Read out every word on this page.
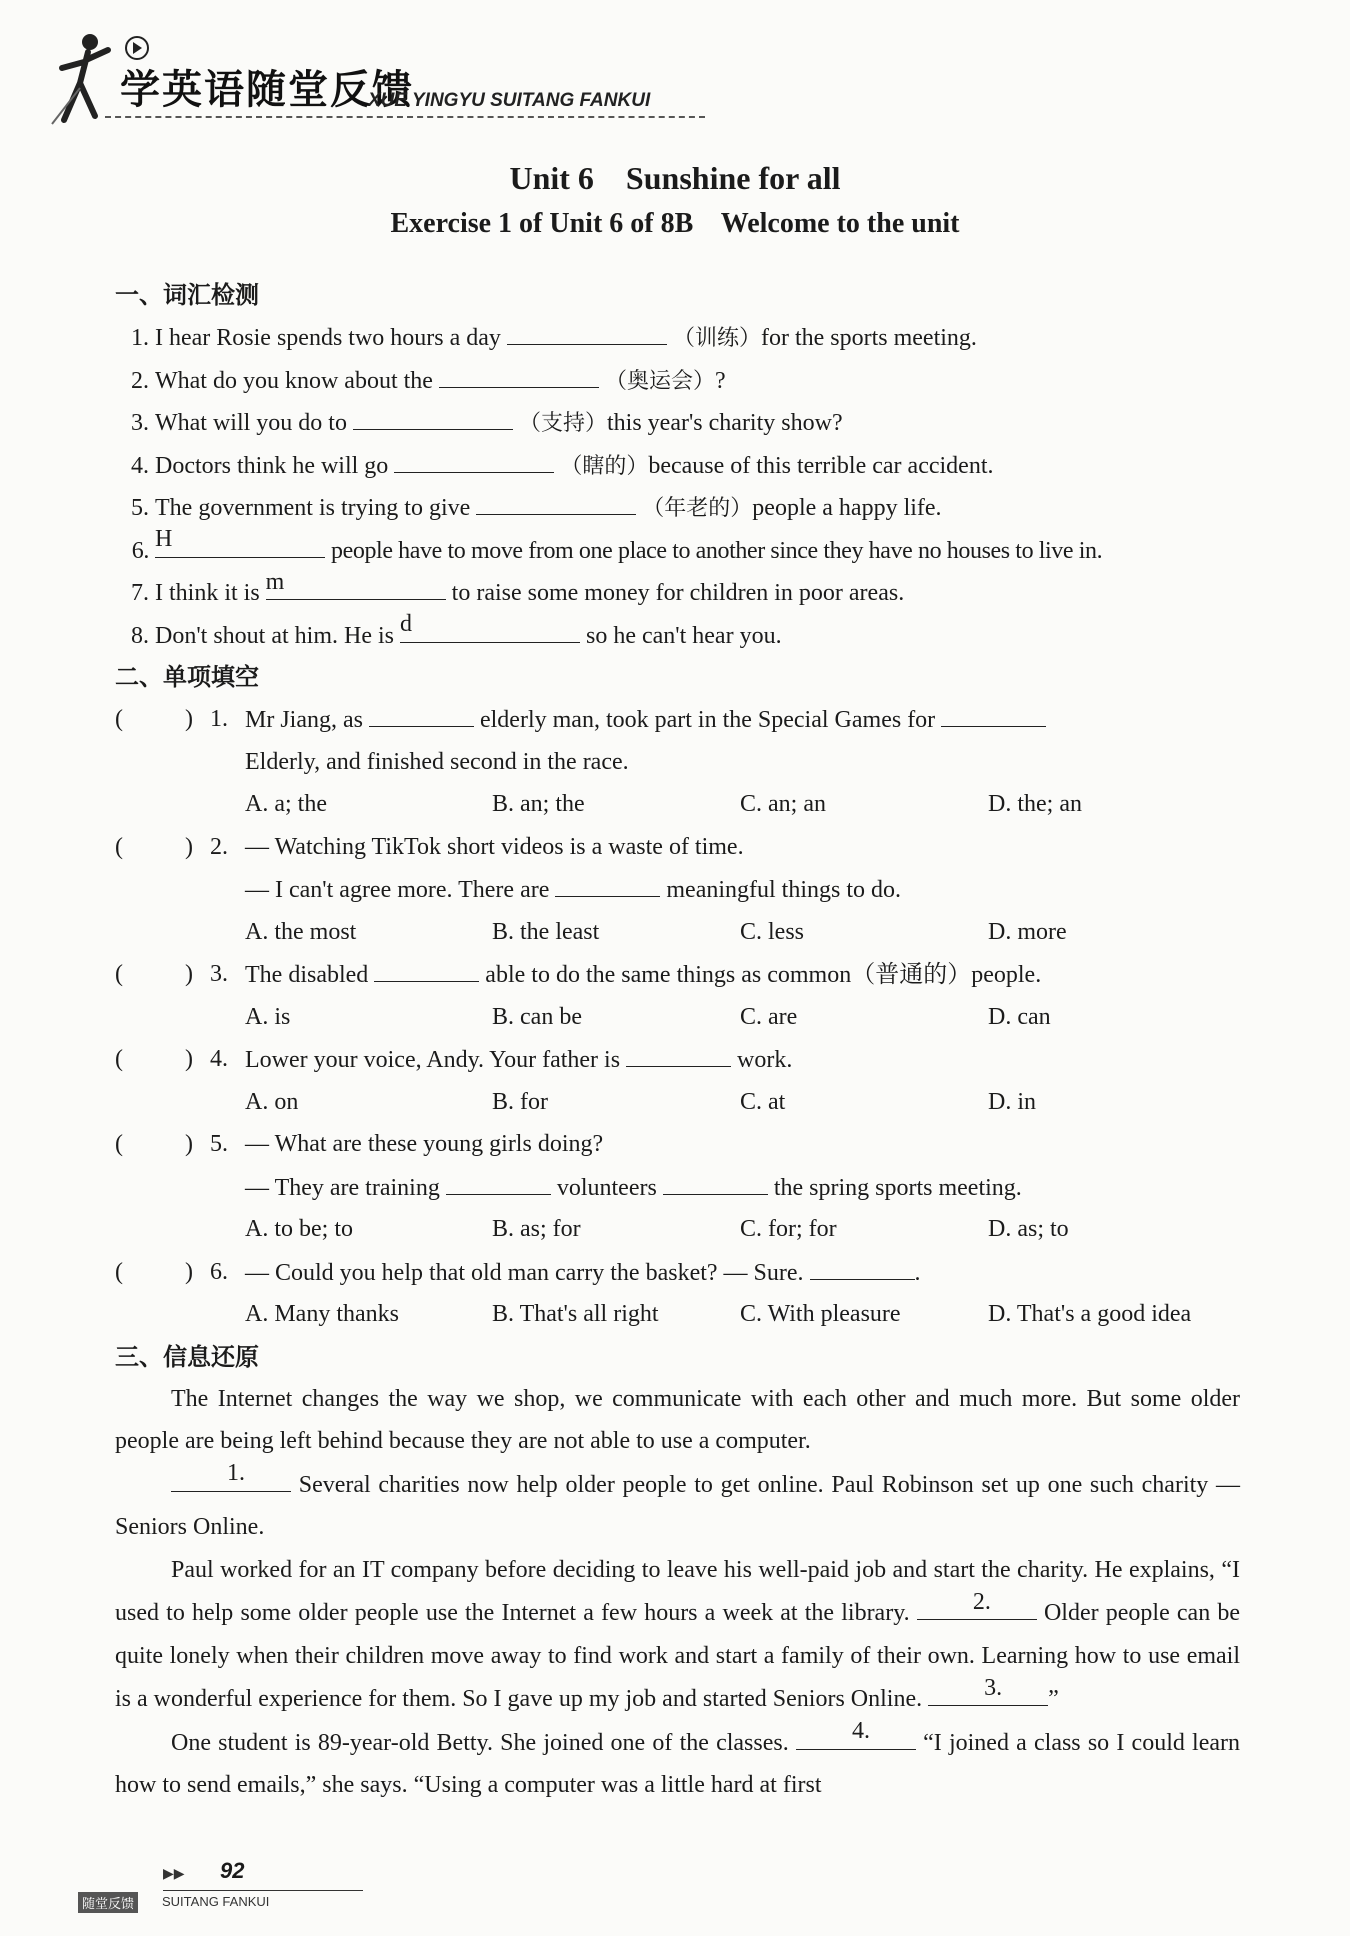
学英语随堂反馈
XUE YINGYU SUITANG FANKUI
Unit 6    Sunshine for all
Exercise 1 of Unit 6 of 8B    Welcome to the unit
一、词汇检测
1. I hear Rosie spends two hours a day	（训练）for the sports meeting.
2. What do you know about the	（奥运会）?
3. What will you do to	（支持）this year's charity show?
4. Doctors think he will go	（瞎的）because of this terrible car accident.
5. The government is trying to give	（年老的）people a happy life.
6. H	people have to move from one place to another since they have no houses to live in.
7. I think it is m	to raise some money for children in poor areas.
8. Don't shout at him. He is d	so he can't hear you.
二、单项填空
(	) 1. Mr Jiang, as	elderly man, took part in the Special Games for
Elderly, and finished second in the race.
A. a; the	B. an; the	C. an; an	D. the; an
(	) 2. — Watching TikTok short videos is a waste of time.
— I can't agree more. There are	meaningful things to do.
A. the most	B. the least	C. less	D. more
(	) 3. The disabled	able to do the same things as common（普通的）people.
A. is	B. can be	C. are	D. can
(	) 4. Lower your voice, Andy. Your father is	work.
A. on	B. for	C. at	D. in
(	) 5. — What are these young girls doing?
— They are training	volunteers	the spring sports meeting.
A. to be; to	B. as; for	C. for; for	D. as; to
(	) 6. — Could you help that old man carry the basket? — Sure.	.
A. Many thanks	B. That's all right	C. With pleasure	D. That's a good idea
三、信息还原
The Internet changes the way we shop, we communicate with each other and much more. But some older people are being left behind because they are not able to use a computer.
1. Several charities now help older people to get online. Paul Robinson set up one such charity — Seniors Online.
Paul worked for an IT company before deciding to leave his well-paid job and start the charity. He explains, “I used to help some older people use the Internet a few hours a week at the library.	2. Older people can be quite lonely when their children move away to find work and start a family of their own. Learning how to use email is a wonderful experience for them. So I gave up my job and started Seniors Online.	3. ”
One student is 89-year-old Betty. She joined one of the classes.	4. “I joined a class so I could learn how to send emails,” she says. “Using a computer was a little hard at first
▶▶ 92
随堂反馈	SUITANG FANKUI
